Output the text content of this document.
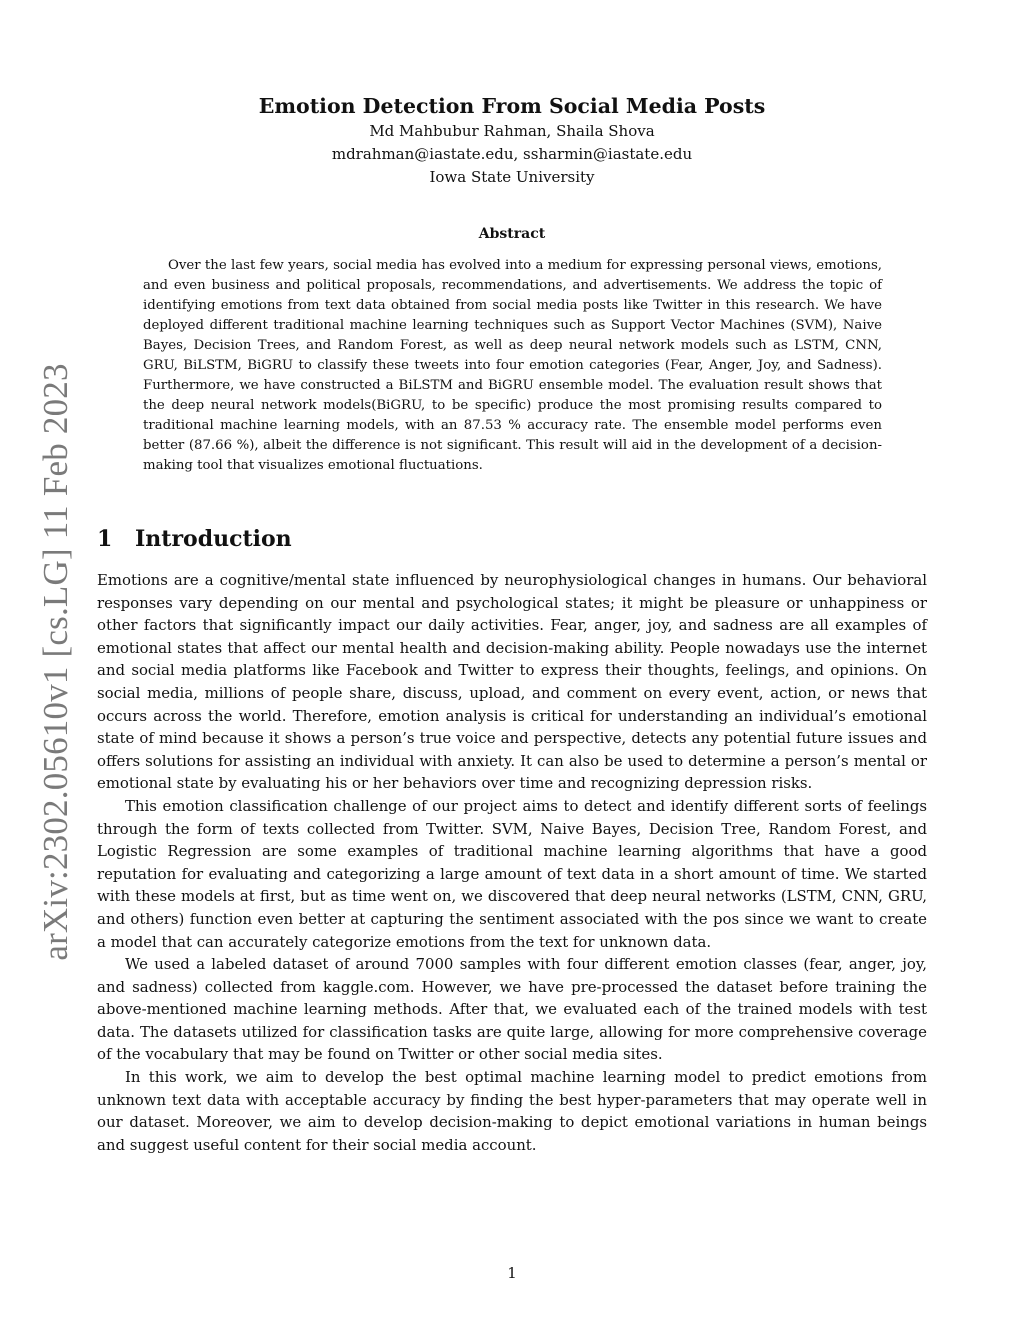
arXiv:2302.05610v1 [cs.LG] 11 Feb 2023
Emotion Detection From Social Media Posts

Md Mahbubur Rahman, Shaila Shova

mdrahman@iastate.edu, ssharmin@iastate.edu

Iowa State University

Abstract

Over the last few years, social media has evolved into a medium for expressing personal views, emotions, and even business and political proposals, recommendations, and advertisements. We address the topic of identifying emotions from text data obtained from social media posts like Twitter in this research. We have deployed different traditional machine learning techniques such as Support Vector Machines (SVM), Naive Bayes, Decision Trees, and Random Forest, as well as deep neural network models such as LSTM, CNN, GRU, BiLSTM, BiGRU to classify these tweets into four emotion categories (Fear, Anger, Joy, and Sadness). Furthermore, we have constructed a BiLSTM and BiGRU ensemble model. The evaluation result shows that the deep neural network models(BiGRU, to be specific) produce the most promising results compared to traditional machine learning models, with an 87.53 % accuracy rate. The ensemble model performs even better (87.66 %), albeit the difference is not significant. This result will aid in the development of a decision-making tool that visualizes emotional fluctuations.

1 Introduction

Emotions are a cognitive/mental state influenced by neurophysiological changes in humans. Our behavioral responses vary depending on our mental and psychological states; it might be pleasure or unhappiness or other factors that significantly impact our daily activities. Fear, anger, joy, and sadness are all examples of emotional states that affect our mental health and decision-making ability. People nowadays use the internet and social media platforms like Facebook and Twitter to express their thoughts, feelings, and opinions. On social media, millions of people share, discuss, upload, and comment on every event, action, or news that occurs across the world. Therefore, emotion analysis is critical for understanding an individual’s emotional state of mind because it shows a person’s true voice and perspective, detects any potential future issues and offers solutions for assisting an individual with anxiety. It can also be used to determine a person’s mental or emotional state by evaluating his or her behaviors over time and recognizing depression risks.

This emotion classification challenge of our project aims to detect and identify different sorts of feelings through the form of texts collected from Twitter. SVM, Naive Bayes, Decision Tree, Random Forest, and Logistic Regression are some examples of traditional machine learning algorithms that have a good reputation for evaluating and categorizing a large amount of text data in a short amount of time. We started with these models at first, but as time went on, we discovered that deep neural networks (LSTM, CNN, GRU, and others) function even better at capturing the sentiment associated with the pos since we want to create a model that can accurately categorize emotions from the text for unknown data.

We used a labeled dataset of around 7000 samples with four different emotion classes (fear, anger, joy, and sadness) collected from kaggle.com. However, we have pre-processed the dataset before training the above-mentioned machine learning methods. After that, we evaluated each of the trained models with test data. The datasets utilized for classification tasks are quite large, allowing for more comprehensive coverage of the vocabulary that may be found on Twitter or other social media sites.

In this work, we aim to develop the best optimal machine learning model to predict emotions from unknown text data with acceptable accuracy by finding the best hyper-parameters that may operate well in our dataset. Moreover, we aim to develop decision-making to depict emotional variations in human beings and suggest useful content for their social media account.

1
